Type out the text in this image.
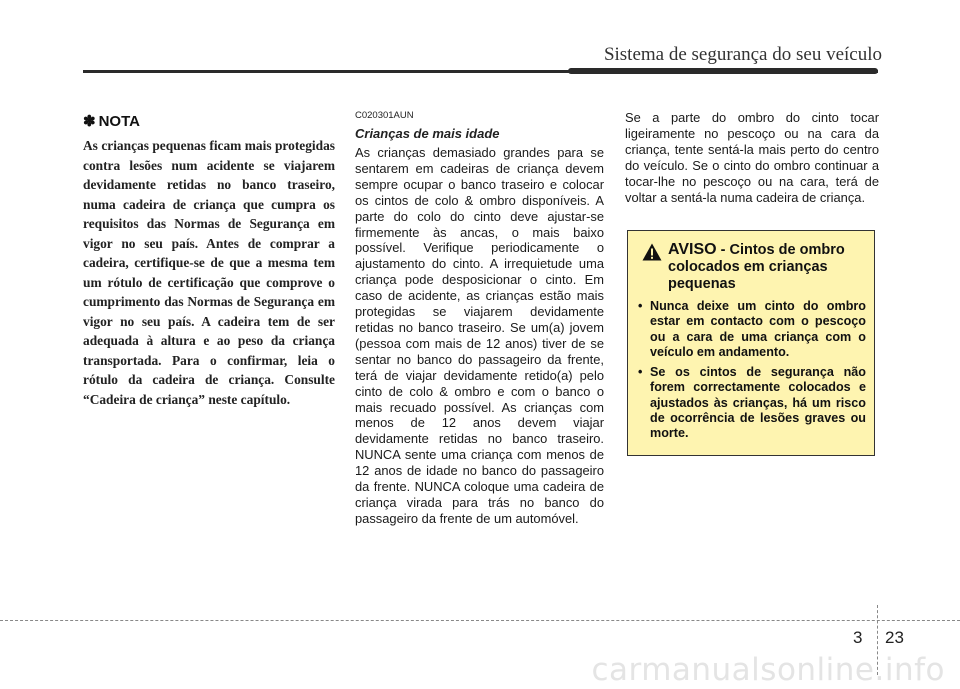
Sistema de segurança do seu veículo

✽ NOTA

As crianças pequenas ficam mais protegidas contra lesões num acidente se viajarem devidamente retidas no banco traseiro, numa cadeira de criança que cumpra os requisitos das Normas de Segurança em vigor no seu país. Antes de comprar a cadeira, certifique-se de que a mesma tem um rótulo de certificação que comprove o cumprimento das Normas de Segurança em vigor no seu país. A cadeira tem de ser adequada à altura e ao peso da criança transportada. Para o confirmar, leia o rótulo da cadeira de criança. Consulte “Cadeira de criança” neste capítulo.

C020301AUN

Crianças de mais idade

As crianças demasiado grandes para se sentarem em cadeiras de criança devem sempre ocupar o banco traseiro e colocar os cintos de colo & ombro disponíveis. A parte do colo do cinto deve ajustar-se firmemente às ancas, o mais baixo possível. Verifique periodicamente o ajustamento do cinto. A irrequietude uma criança pode desposicionar o cinto. Em caso de acidente, as crianças estão mais protegidas se viajarem devidamente retidas no banco traseiro. Se um(a) jovem (pessoa com mais de 12 anos) tiver de se sentar no banco do passageiro da frente, terá de viajar devidamente retido(a) pelo cinto de colo & ombro e com o banco o mais recuado possível. As crianças com menos de 12 anos devem viajar devidamente retidas no banco traseiro. NUNCA sente uma criança com menos de 12 anos de idade no banco do passageiro da frente. NUNCA coloque uma cadeira de criança virada para trás no banco do passageiro da frente de um automóvel.

Se a parte do ombro do cinto tocar ligeiramente no pescoço ou na cara da criança, tente sentá-la mais perto do centro do veículo. Se o cinto do ombro continuar a tocar-lhe no pescoço ou na cara, terá de voltar a sentá-la numa cadeira de criança.

AVISO - Cintos de ombro colocados em crianças pequenas
• Nunca deixe um cinto do ombro estar em contacto com o pescoço ou a cara de uma criança com o veículo em andamento.
• Se os cintos de segurança não forem correctamente colocados e ajustados às crianças, há um risco de ocorrência de lesões graves ou morte.
3 23
carmanualsonline.info
